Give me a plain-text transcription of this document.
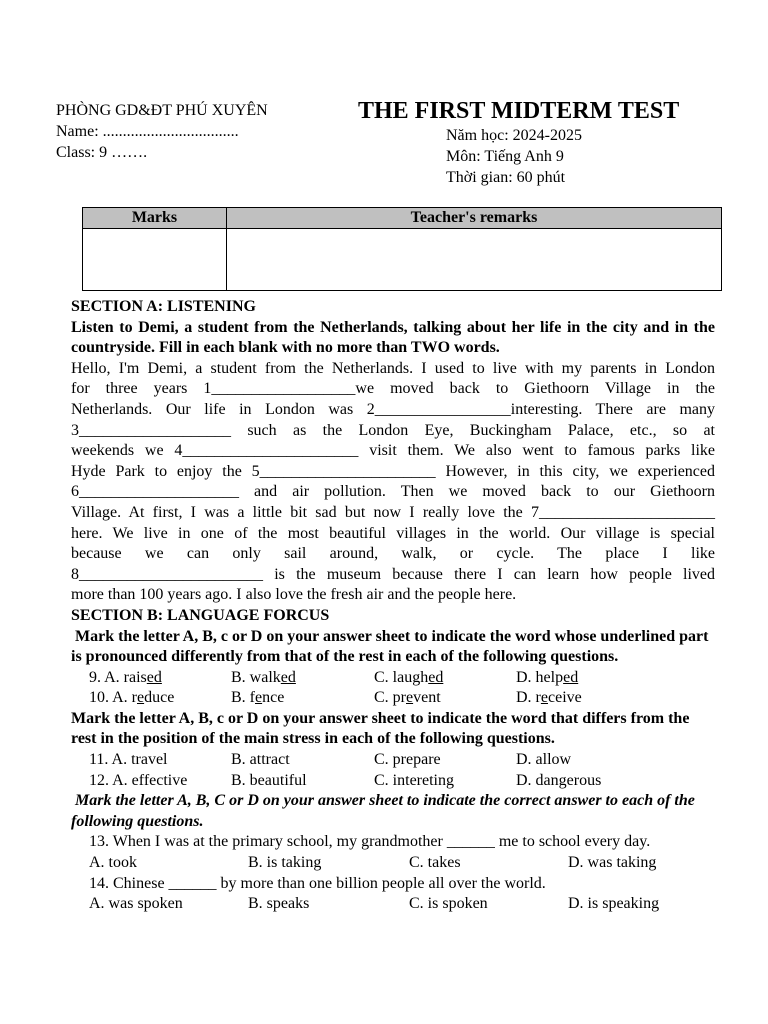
PHÒNG GD&ĐT PHÚ XUYÊN
Name: ..................................
Class: 9 …….
THE FIRST MIDTERM TEST
Năm học: 2024-2025
Môn: Tiếng Anh 9
Thời gian: 60 phút
Marks	Teacher's remarks

SECTION A: LISTENING

Listen to Demi, a student from the Netherlands, talking about her life in the city and in the countryside. Fill in each blank with no more than TWO words.

Hello, I'm Demi, a student from the Netherlands. I used to live with my parents in London

for three years 1__________________we moved back to Giethoorn Village in the

Netherlands. Our life in London was 2_________________interesting. There are many

3___________________ such as the London Eye, Buckingham Palace, etc., so at

weekends we 4______________________ visit them. We also went to famous parks like

Hyde Park to enjoy the 5______________________ However, in this city, we experienced

6____________________ and air pollution. Then we moved back to our Giethoorn

Village. At first, I was a little bit sad but now I really love the 7______________________

here. We live in one of the most beautiful villages in the world. Our village is special

because we can only sail around, walk, or cycle. The place I like

8_______________________ is the museum because there I can learn how people lived

more than 100 years ago. I also love the fresh air and the people here.

SECTION B: LANGUAGE FORCUS

Mark the letter A, B, c or D on your answer sheet to indicate the word whose underlined part is pronounced differently from that of the rest in each of the following questions.

9. A. raised	B. walked	C. laughed	D. helped
10. A. reduce	B. fence	C. prevent	D. receive

Mark the letter A, B, c or D on your answer sheet to indicate the word that differs from the rest in the position of the main stress in each of the following questions.

11. A. travel	B. attract	C. prepare	D. allow
12. A. effective	B. beautiful	C. intereting	D. dangerous

Mark the letter A, B, C or D on your answer sheet to indicate the correct answer to each of the following questions.

13. When I was at the primary school, my grandmother ______ me to school every day.

A. took	B. is taking	C. takes	D. was taking

14. Chinese ______ by more than one billion people all over the world.

A. was spoken	B. speaks	C. is spoken	D. is speaking
